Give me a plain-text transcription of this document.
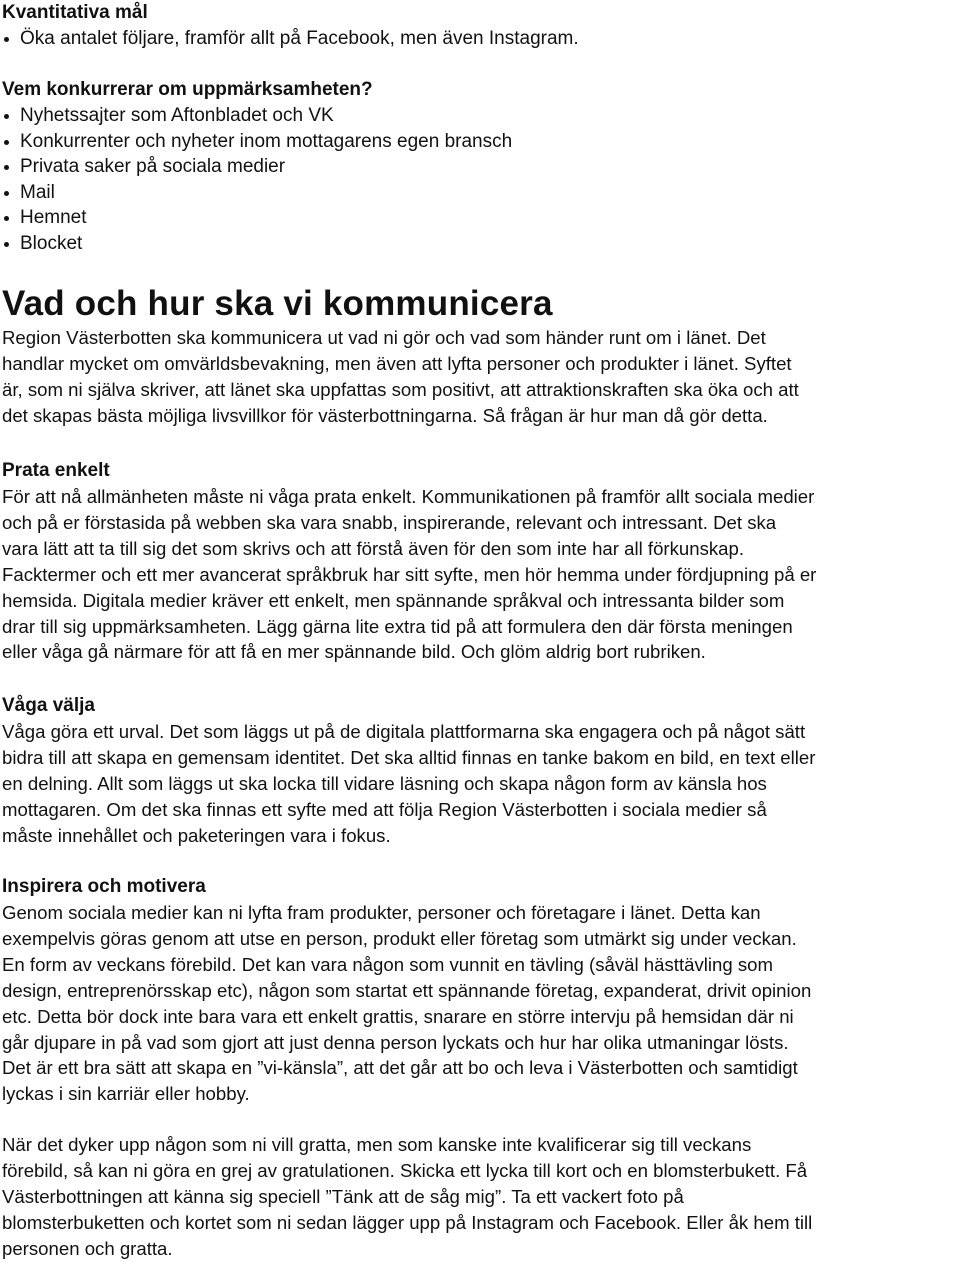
Kvantitativa mål
Öka antalet följare, framför allt på Facebook, men även Instagram.
Vem konkurrerar om uppmärksamheten?
Nyhetssajter som Aftonbladet och VK
Konkurrenter och nyheter inom mottagarens egen bransch
Privata saker på sociala medier
Mail
Hemnet
Blocket
Vad och hur ska vi kommunicera

Region Västerbotten ska kommunicera ut vad ni gör och vad som händer runt om i länet. Det
handlar mycket om omvärldsbevakning, men även att lyfta personer och produkter i länet. Syftet
är, som ni själva skriver, att länet ska uppfattas som positivt, att attraktionskraften ska öka och att
det skapas bästa möjliga livsvillkor för västerbottningarna. Så frågan är hur man då gör detta.

Prata enkelt

För att nå allmänheten måste ni våga prata enkelt. Kommunikationen på framför allt sociala medier
och på er förstasida på webben ska vara snabb, inspirerande, relevant och intressant. Det ska
vara lätt att ta till sig det som skrivs och att förstå även för den som inte har all förkunskap.
Facktermer och ett mer avancerat språkbruk har sitt syfte, men hör hemma under fördjupning på er
hemsida. Digitala medier kräver ett enkelt, men spännande språkval och intressanta bilder som
drar till sig uppmärksamheten. Lägg gärna lite extra tid på att formulera den där första meningen
eller våga gå närmare för att få en mer spännande bild. Och glöm aldrig bort rubriken.

Våga välja

Våga göra ett urval. Det som läggs ut på de digitala plattformarna ska engagera och på något sätt
bidra till att skapa en gemensam identitet. Det ska alltid finnas en tanke bakom en bild, en text eller
en delning. Allt som läggs ut ska locka till vidare läsning och skapa någon form av känsla hos
mottagaren. Om det ska finnas ett syfte med att följa Region Västerbotten i sociala medier så
måste innehållet och paketeringen vara i fokus.

Inspirera och motivera

Genom sociala medier kan ni lyfta fram produkter, personer och företagare i länet. Detta kan
exempelvis göras genom att utse en person, produkt eller företag som utmärkt sig under veckan.
En form av veckans förebild. Det kan vara någon som vunnit en tävling (såväl hästtävling som
design, entreprenörsskap etc), någon som startat ett spännande företag, expanderat, drivit opinion
etc. Detta bör dock inte bara vara ett enkelt grattis, snarare en större intervju på hemsidan där ni
går djupare in på vad som gjort att just denna person lyckats och hur har olika utmaningar lösts.
Det är ett bra sätt att skapa en ”vi-känsla”, att det går att bo och leva i Västerbotten och samtidigt
lyckas i sin karriär eller hobby.

När det dyker upp någon som ni vill gratta, men som kanske inte kvalificerar sig till veckans
förebild, så kan ni göra en grej av gratulationen. Skicka ett lycka till kort och en blomsterbukett. Få
Västerbottningen att känna sig speciell ”Tänk att de såg mig”. Ta ett vackert foto på
blomsterbuketten och kortet som ni sedan lägger upp på Instagram och Facebook. Eller åk hem till
personen och gratta.
